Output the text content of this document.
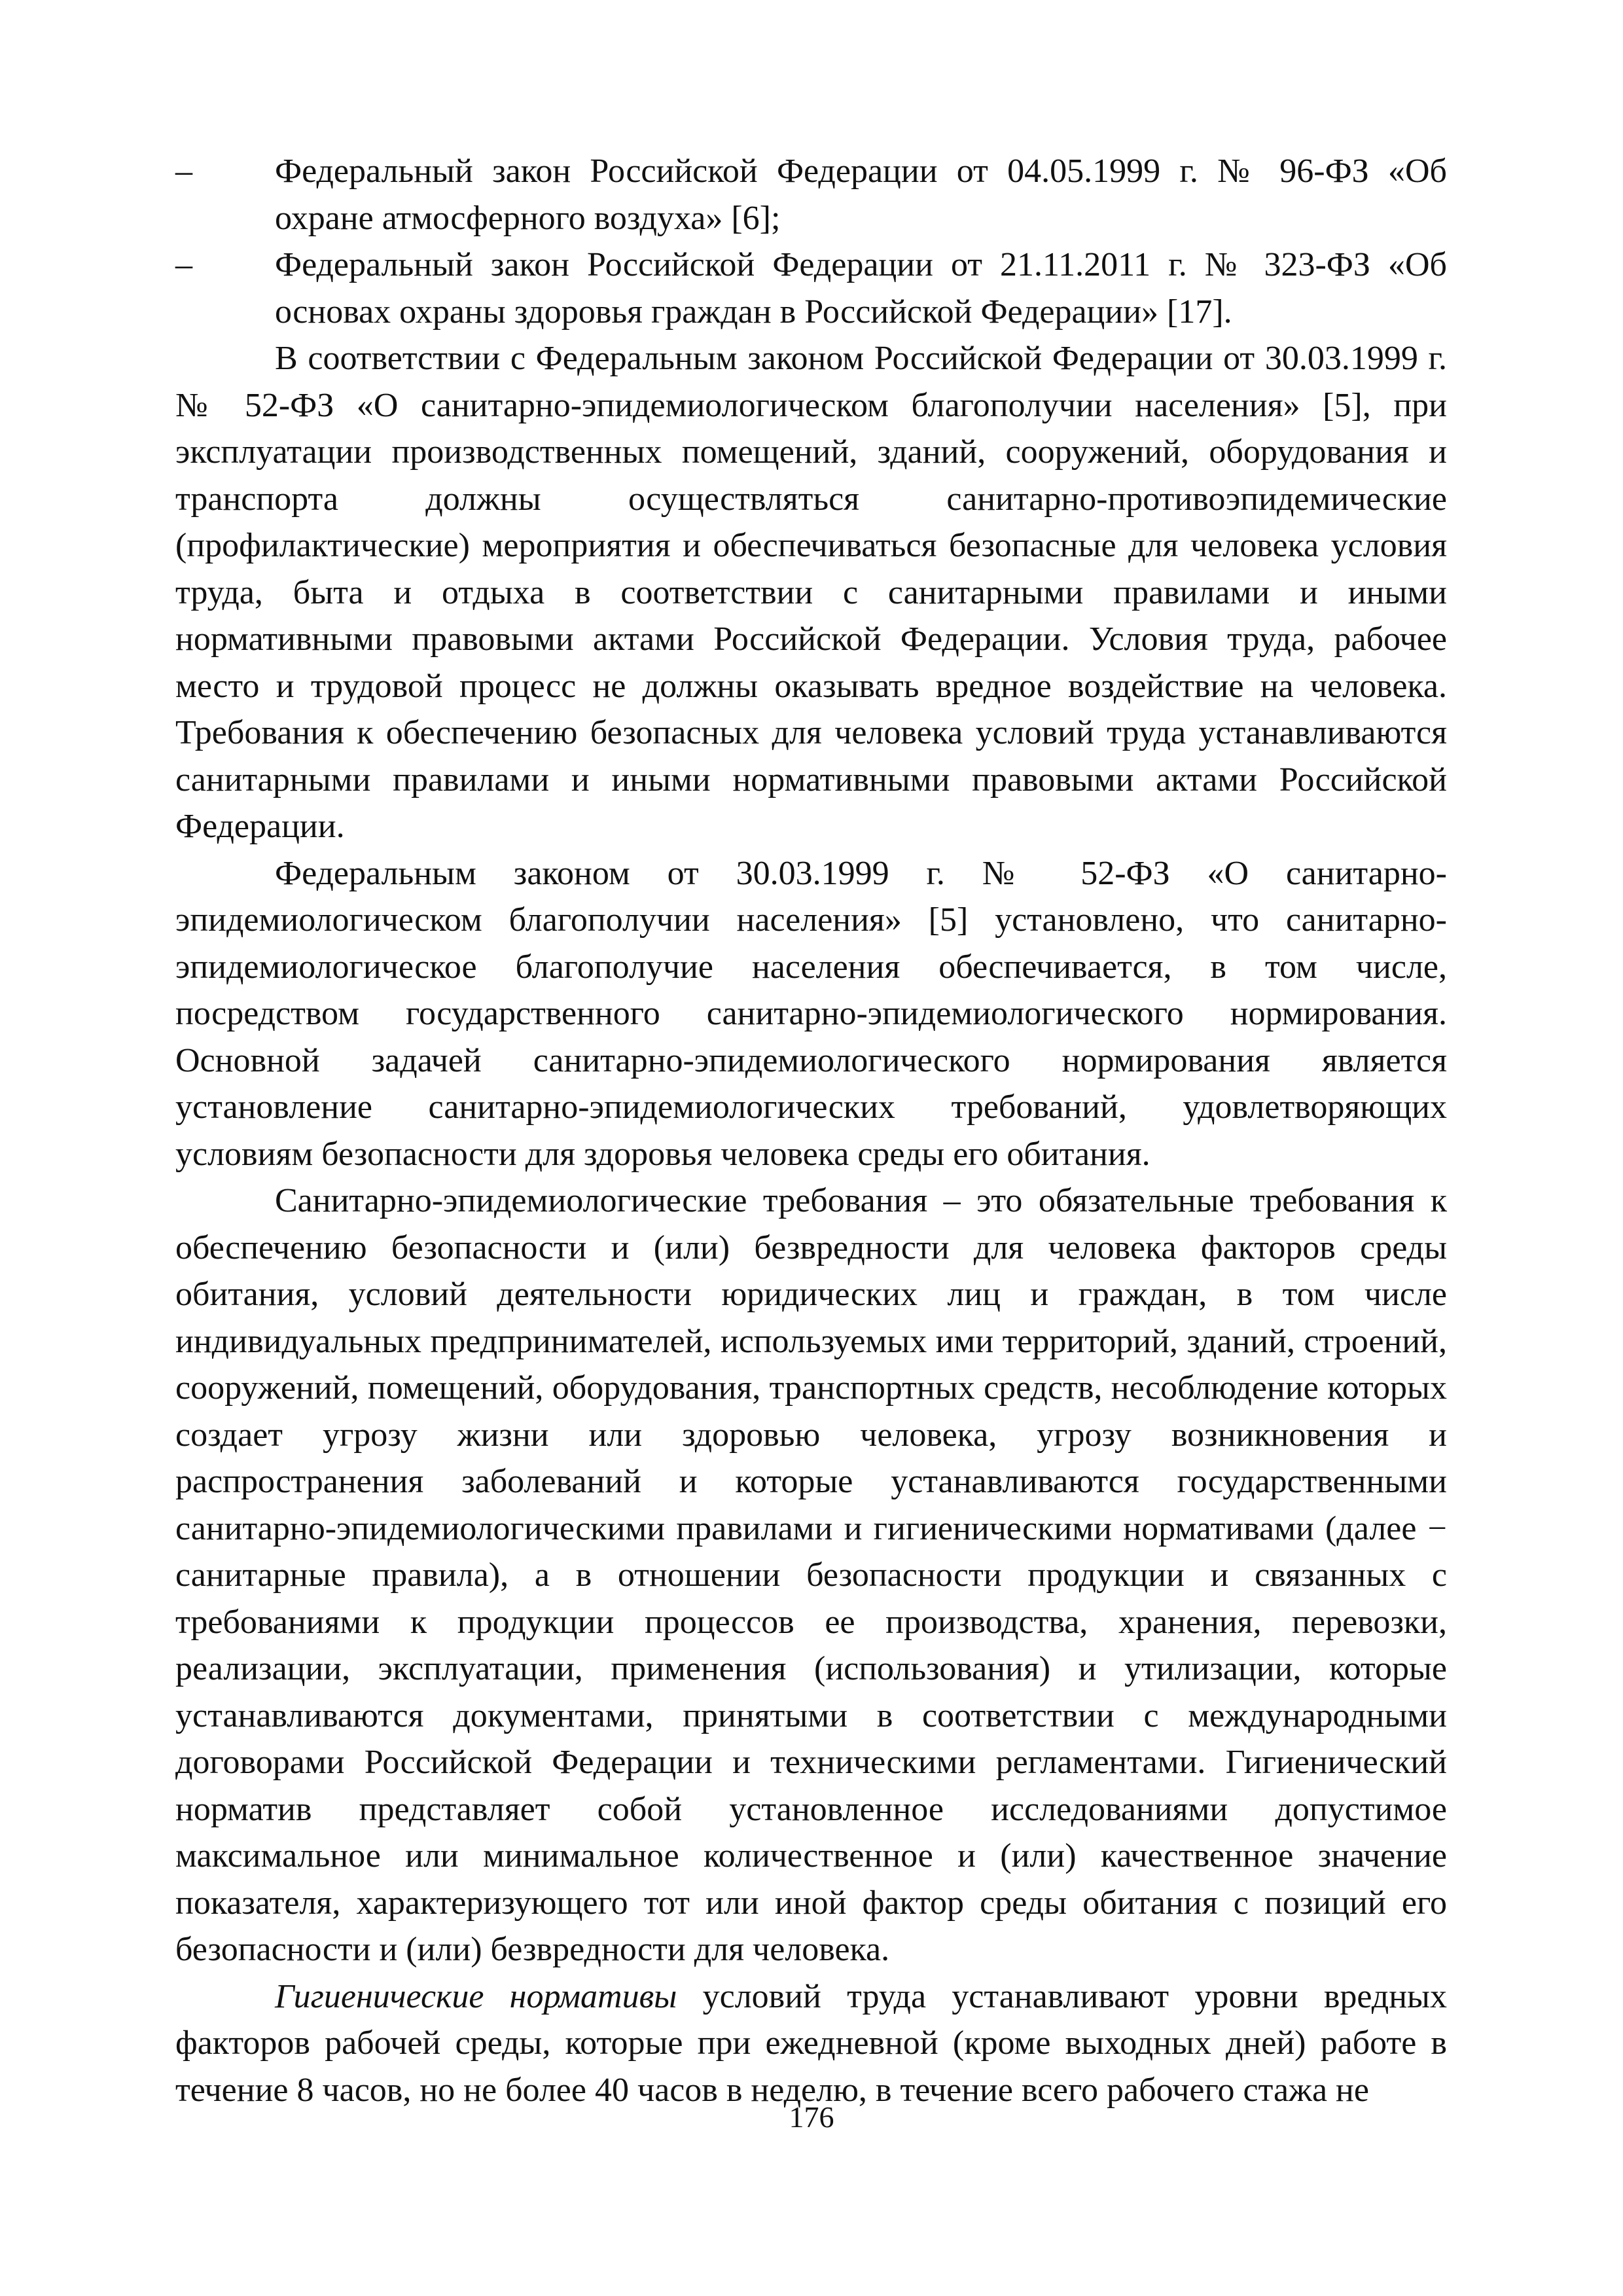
–	Федеральный закон Российской Федерации от 04.05.1999 г. № 96-ФЗ «Об охране атмосферного воздуха» [6];
–	Федеральный закон Российской Федерации от 21.11.2011 г. № 323-ФЗ «Об основах охраны здоровья граждан в Российской Федерации» [17].

В соответствии с Федеральным законом Российской Федерации от 30.03.1999 г. № 52-ФЗ «О санитарно-эпидемиологическом благополучии населения» [5], при эксплуатации производственных помещений, зданий, сооружений, оборудования и транспорта должны осуществляться санитарно-противоэпидемические (профилактические) мероприятия и обеспечиваться безопасные для человека условия труда, быта и отдыха в соответствии с санитарными правилами и иными нормативными правовыми актами Российской Федерации. Условия труда, рабочее место и трудовой процесс не должны оказывать вредное воздействие на человека. Требования к обеспечению безопасных для человека условий труда устанавливаются санитарными правилами и иными нормативными правовыми актами Российской Федерации.

Федеральным законом от 30.03.1999 г. № 52-ФЗ «О санитарно-эпидемиологическом благополучии населения» [5] установлено, что санитарно-эпидемиологическое благополучие населения обеспечивается, в том числе, посредством государственного санитарно-эпидемиологического нормирования. Основной задачей санитарно-эпидемиологического нормирования является установление санитарно-эпидемиологических требований, удовлетворяющих условиям безопасности для здоровья человека среды его обитания.

Санитарно-эпидемиологические требования – это обязательные требования к обеспечению безопасности и (или) безвредности для человека факторов среды обитания, условий деятельности юридических лиц и граждан, в том числе индивидуальных предпринимателей, используемых ими территорий, зданий, строений, сооружений, помещений, оборудования, транспортных средств, несоблюдение которых создает угрозу жизни или здоровью человека, угрозу возникновения и распространения заболеваний и которые устанавливаются государственными санитарно-эпидемиологическими правилами и гигиеническими нормативами (далее − санитарные правила), а в отношении безопасности продукции и связанных с требованиями к продукции процессов ее производства, хранения, перевозки, реализации, эксплуатации, применения (использования) и утилизации, которые устанавливаются документами, принятыми в соответствии с международными договорами Российской Федерации и техническими регламентами. Гигиенический норматив представляет собой установленное исследованиями допустимое максимальное или минимальное количественное и (или) качественное значение показателя, характеризующего тот или иной фактор среды обитания с позиций его безопасности и (или) безвредности для человека.

Гигиенические нормативы условий труда устанавливают уровни вредных факторов рабочей среды, которые при ежедневной (кроме выходных дней) работе в течение 8 часов, но не более 40 часов в неделю, в течение всего рабочего стажа не

176
